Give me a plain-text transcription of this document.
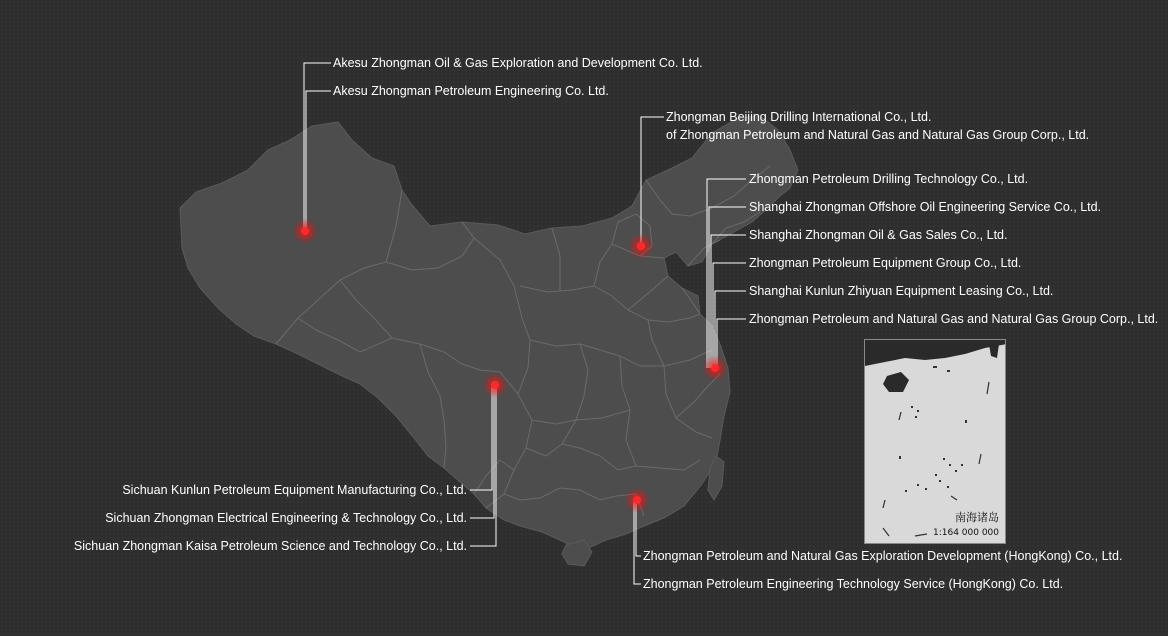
Akesu Zhongman Oil & Gas Exploration and Development Co. Ltd.
Akesu Zhongman Petroleum Engineering Co. Ltd.
Zhongman Beijing Drilling International Co., Ltd.
of Zhongman Petroleum and Natural Gas and Natural Gas Group Corp., Ltd.
Zhongman Petroleum Drilling Technology Co., Ltd.
Shanghai Zhongman Offshore Oil Engineering Service Co., Ltd.
Shanghai Zhongman Oil & Gas Sales Co., Ltd.
Zhongman Petroleum Equipment Group Co., Ltd.
Shanghai Kunlun Zhiyuan Equipment Leasing Co., Ltd.
Zhongman Petroleum and Natural Gas and Natural Gas Group Corp., Ltd.
Sichuan Kunlun Petroleum Equipment Manufacturing Co., Ltd.
Sichuan Zhongman Electrical Engineering & Technology Co., Ltd.
Sichuan Zhongman Kaisa Petroleum Science and Technology Co., Ltd.
Zhongman Petroleum and Natural Gas Exploration Development (HongKong) Co., Ltd.
Zhongman Petroleum Engineering Technology Service (HongKong) Co. Ltd.
南海诸岛
1:164 000 000
